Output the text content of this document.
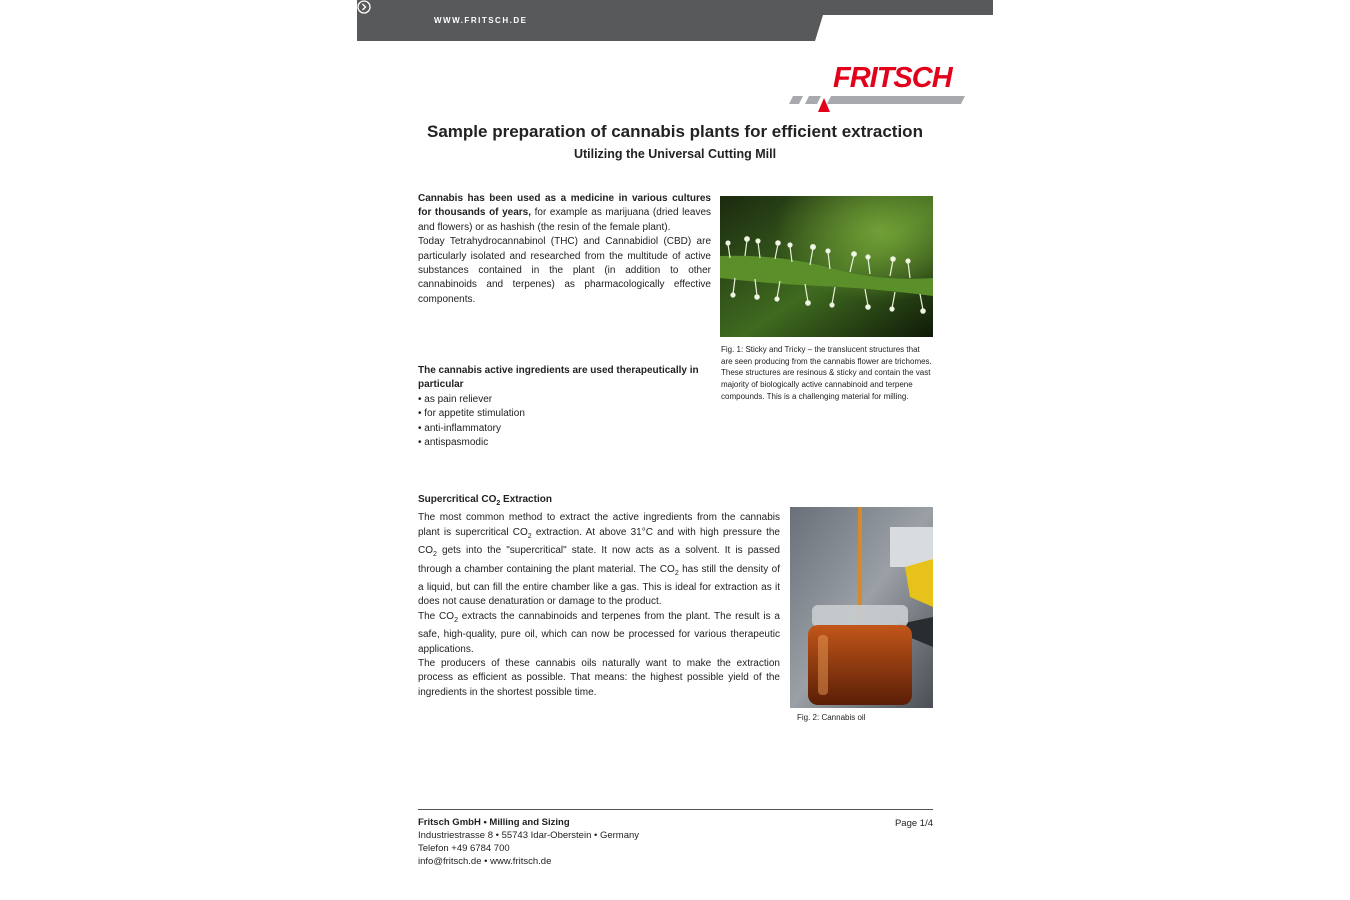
WWW.FRITSCH.DE
FRITSCH
Sample preparation of cannabis plants for efficient extraction
Utilizing the Universal Cutting Mill
Cannabis has been used as a medicine in various cultures for thousands of years, for example as marijuana (dried leaves and flowers) or as hashish (the resin of the female plant).
Today Tetrahydrocannabinol (THC) and Cannabidiol (CBD) are particularly isolated and researched from the multitude of active substances contained in the plant (in addition to other cannabinoids and terpenes) as pharmacologically effective components.
Fig. 1: Sticky and Tricky – the translucent structures that are seen producing from the cannabis flower are trichomes. These structures are resinous & sticky and contain the vast majority of biologically active cannabinoid and terpene compounds. This is a challenging material for milling.
The cannabis active ingredients are used therapeutically in particular
• as pain reliever
• for appetite stimulation
• anti-inflammatory
• antispasmodic
Supercritical $CO_2$ Extraction
The most common method to extract the active ingredients from the cannabis plant is supercritical $CO_2$ extraction. At above 31°C and with high pressure the $CO_2$ gets into the "supercritical" state. It now acts as a solvent. It is passed through a chamber containing the plant material. The $CO_2$ has still the density of a liquid, but can fill the entire chamber like a gas. This is ideal for extraction as it does not cause denaturation or damage to the product.
The $CO_2$ extracts the cannabinoids and terpenes from the plant. The result is a safe, high-quality, pure oil, which can now be processed for various therapeutic applications.
The producers of these cannabis oils naturally want to make the extraction process as efficient as possible. That means: the highest possible yield of the ingredients in the shortest possible time.
Fig. 2: Cannabis oil
Fritsch GmbH • Milling and Sizing
Industriestrasse 8 • 55743 Idar-Oberstein • Germany
Telefon +49 6784 700
info@fritsch.de • www.fritsch.de
Page 1/4
